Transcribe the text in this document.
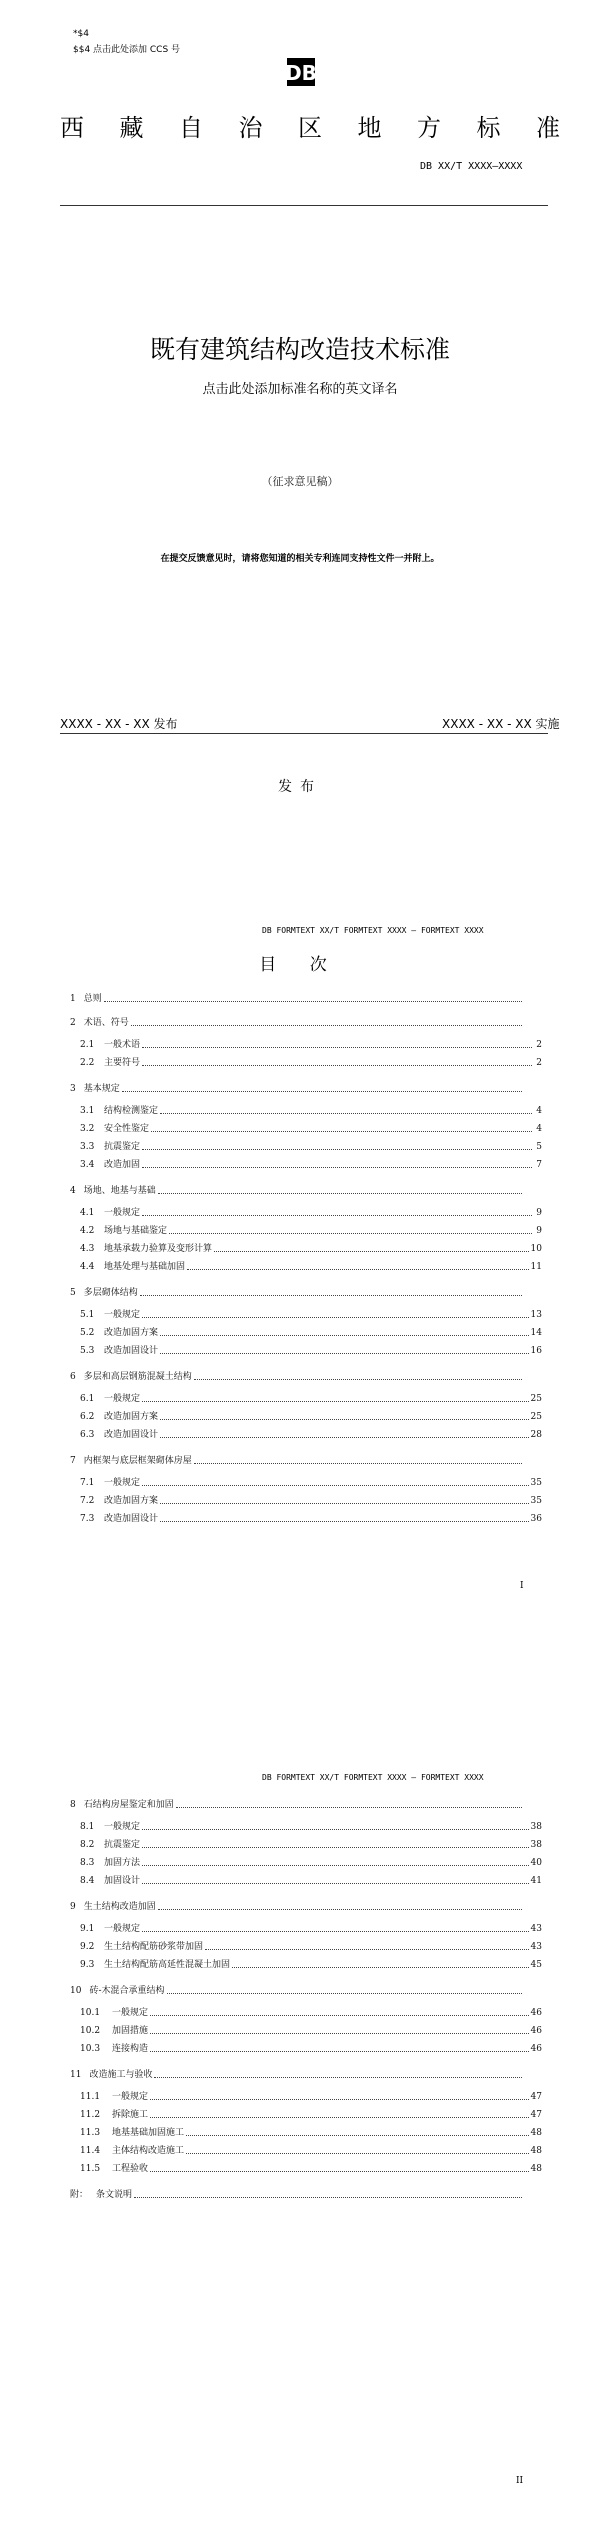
*$4
$$4 点击此处添加 CCS 号
DB
西 藏 自 治 区 地 方 标 准
DB XX/T XXXX—XXXX
既有建筑结构改造技术标准
点击此处添加标准名称的英文译名
（征求意见稿）
在提交反馈意见时，请将您知道的相关专利连同支持性文件一并附上。
XXXX - XX - XX 发布	XXXX - XX - XX 实施
发布
DB FORMTEXT XX/T FORMTEXT XXXX — FORMTEXT XXXX
目 次
1 总则
2 术语、符号
2.1	一般术语	2
2.2	主要符号	2
3 基本规定
3.1	结构检测鉴定	4
3.2	安全性鉴定	4
3.3	抗震鉴定	5
3.4	改造加固	7
4 场地、地基与基础
4.1	一般规定	9
4.2	场地与基础鉴定	9
4.3	地基承载力验算及变形计算	10
4.4	地基处理与基础加固	11
5 多层砌体结构
5.1	一般规定	13
5.2	改造加固方案	14
5.3	改造加固设计	16
6 多层和高层钢筋混凝土结构
6.1	一般规定	25
6.2	改造加固方案	25
6.3	改造加固设计	28
7 内框架与底层框架砌体房屋
7.1	一般规定	35
7.2	改造加固方案	35
7.3	改造加固设计	36
I
DB FORMTEXT XX/T FORMTEXT XXXX — FORMTEXT XXXX
8 石结构房屋鉴定和加固
8.1	一般规定	38
8.2	抗震鉴定	38
8.3	加固方法	40
8.4	加固设计	41
9 生土结构改造加固
9.1	一般规定	43
9.2	生土结构配筋砂浆带加固	43
9.3	生土结构配筋高延性混凝土加固	45
10 砖-木混合承重结构
10.1	一般规定	46
10.2	加固措施	46
10.3	连接构造	46
11 改造施工与验收
11.1	一般规定	47
11.2	拆除施工	47
11.3	地基基础加固施工	48
11.4	主体结构改造施工	48
11.5	工程验收	48
附： 条文说明
II
